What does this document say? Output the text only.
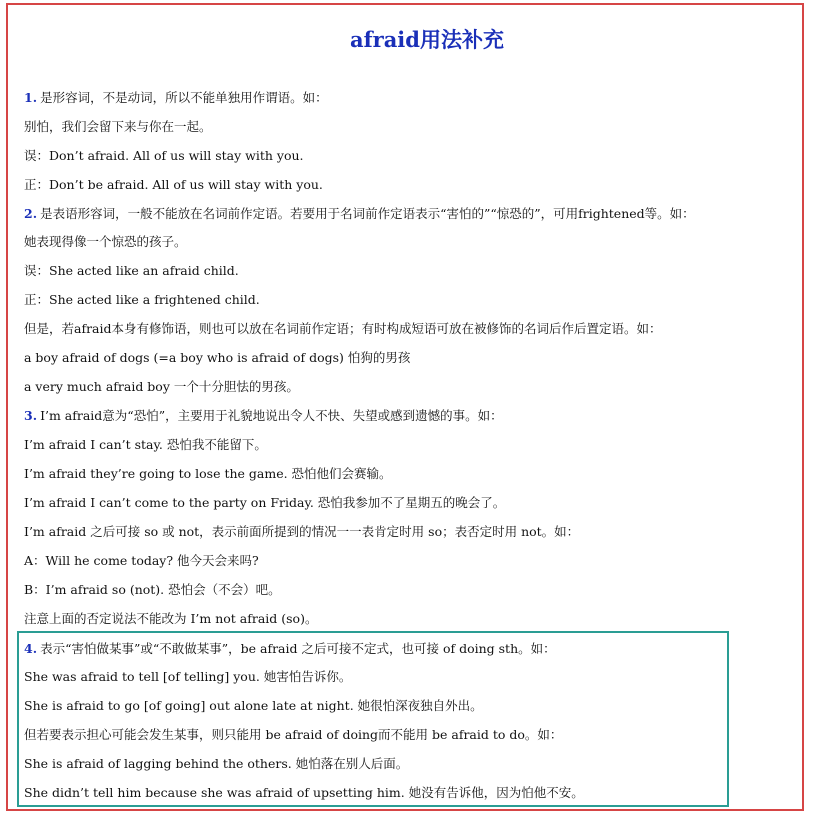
afraid用法补充
1. 是形容词，不是动词，所以不能单独用作谓语。如：
别怕，我们会留下来与你在一起。
误：Don’t afraid. All of us will stay with you.
正：Don’t be afraid. All of us will stay with you.
2. 是表语形容词，一般不能放在名词前作定语。若要用于名词前作定语表示“害怕的”“惊恐的”，可用frightened等。如：
她表现得像一个惊恐的孩子。
误：She acted like an afraid child.
正：She acted like a frightened child.
但是，若afraid本身有修饰语，则也可以放在名词前作定语；有时构成短语可放在被修饰的名词后作后置定语。如：
a boy afraid of dogs (=a boy who is afraid of dogs) 怕狗的男孩
a very much afraid boy 一个十分胆怯的男孩。
3. I’m afraid意为“恐怕”，主要用于礼貌地说出令人不快、失望或感到遗憾的事。如：
I’m afraid I can’t stay. 恐怕我不能留下。
I’m afraid they’re going to lose the game. 恐怕他们会赛输。
I’m afraid I can’t come to the party on Friday. 恐怕我参加不了星期五的晚会了。
I’m afraid 之后可接 so 或 not，表示前面所提到的情况一一表肯定时用 so；表否定时用 not。如：
A：Will he come today? 他今天会来吗?
B：I’m afraid so (not). 恐怕会（不会）吧。
注意上面的否定说法不能改为 I’m not afraid (so)。
4. 表示“害怕做某事”或“不敢做某事”，be afraid 之后可接不定式，也可接 of doing sth。如：
She was afraid to tell [of telling] you. 她害怕告诉你。
She is afraid to go [of going] out alone late at night. 她很怕深夜独自外出。
但若要表示担心可能会发生某事，则只能用 be afraid of doing而不能用 be afraid to do。如：
She is afraid of lagging behind the others. 她怕落在别人后面。
She didn’t tell him because she was afraid of upsetting him. 她没有告诉他，因为怕他不安。
